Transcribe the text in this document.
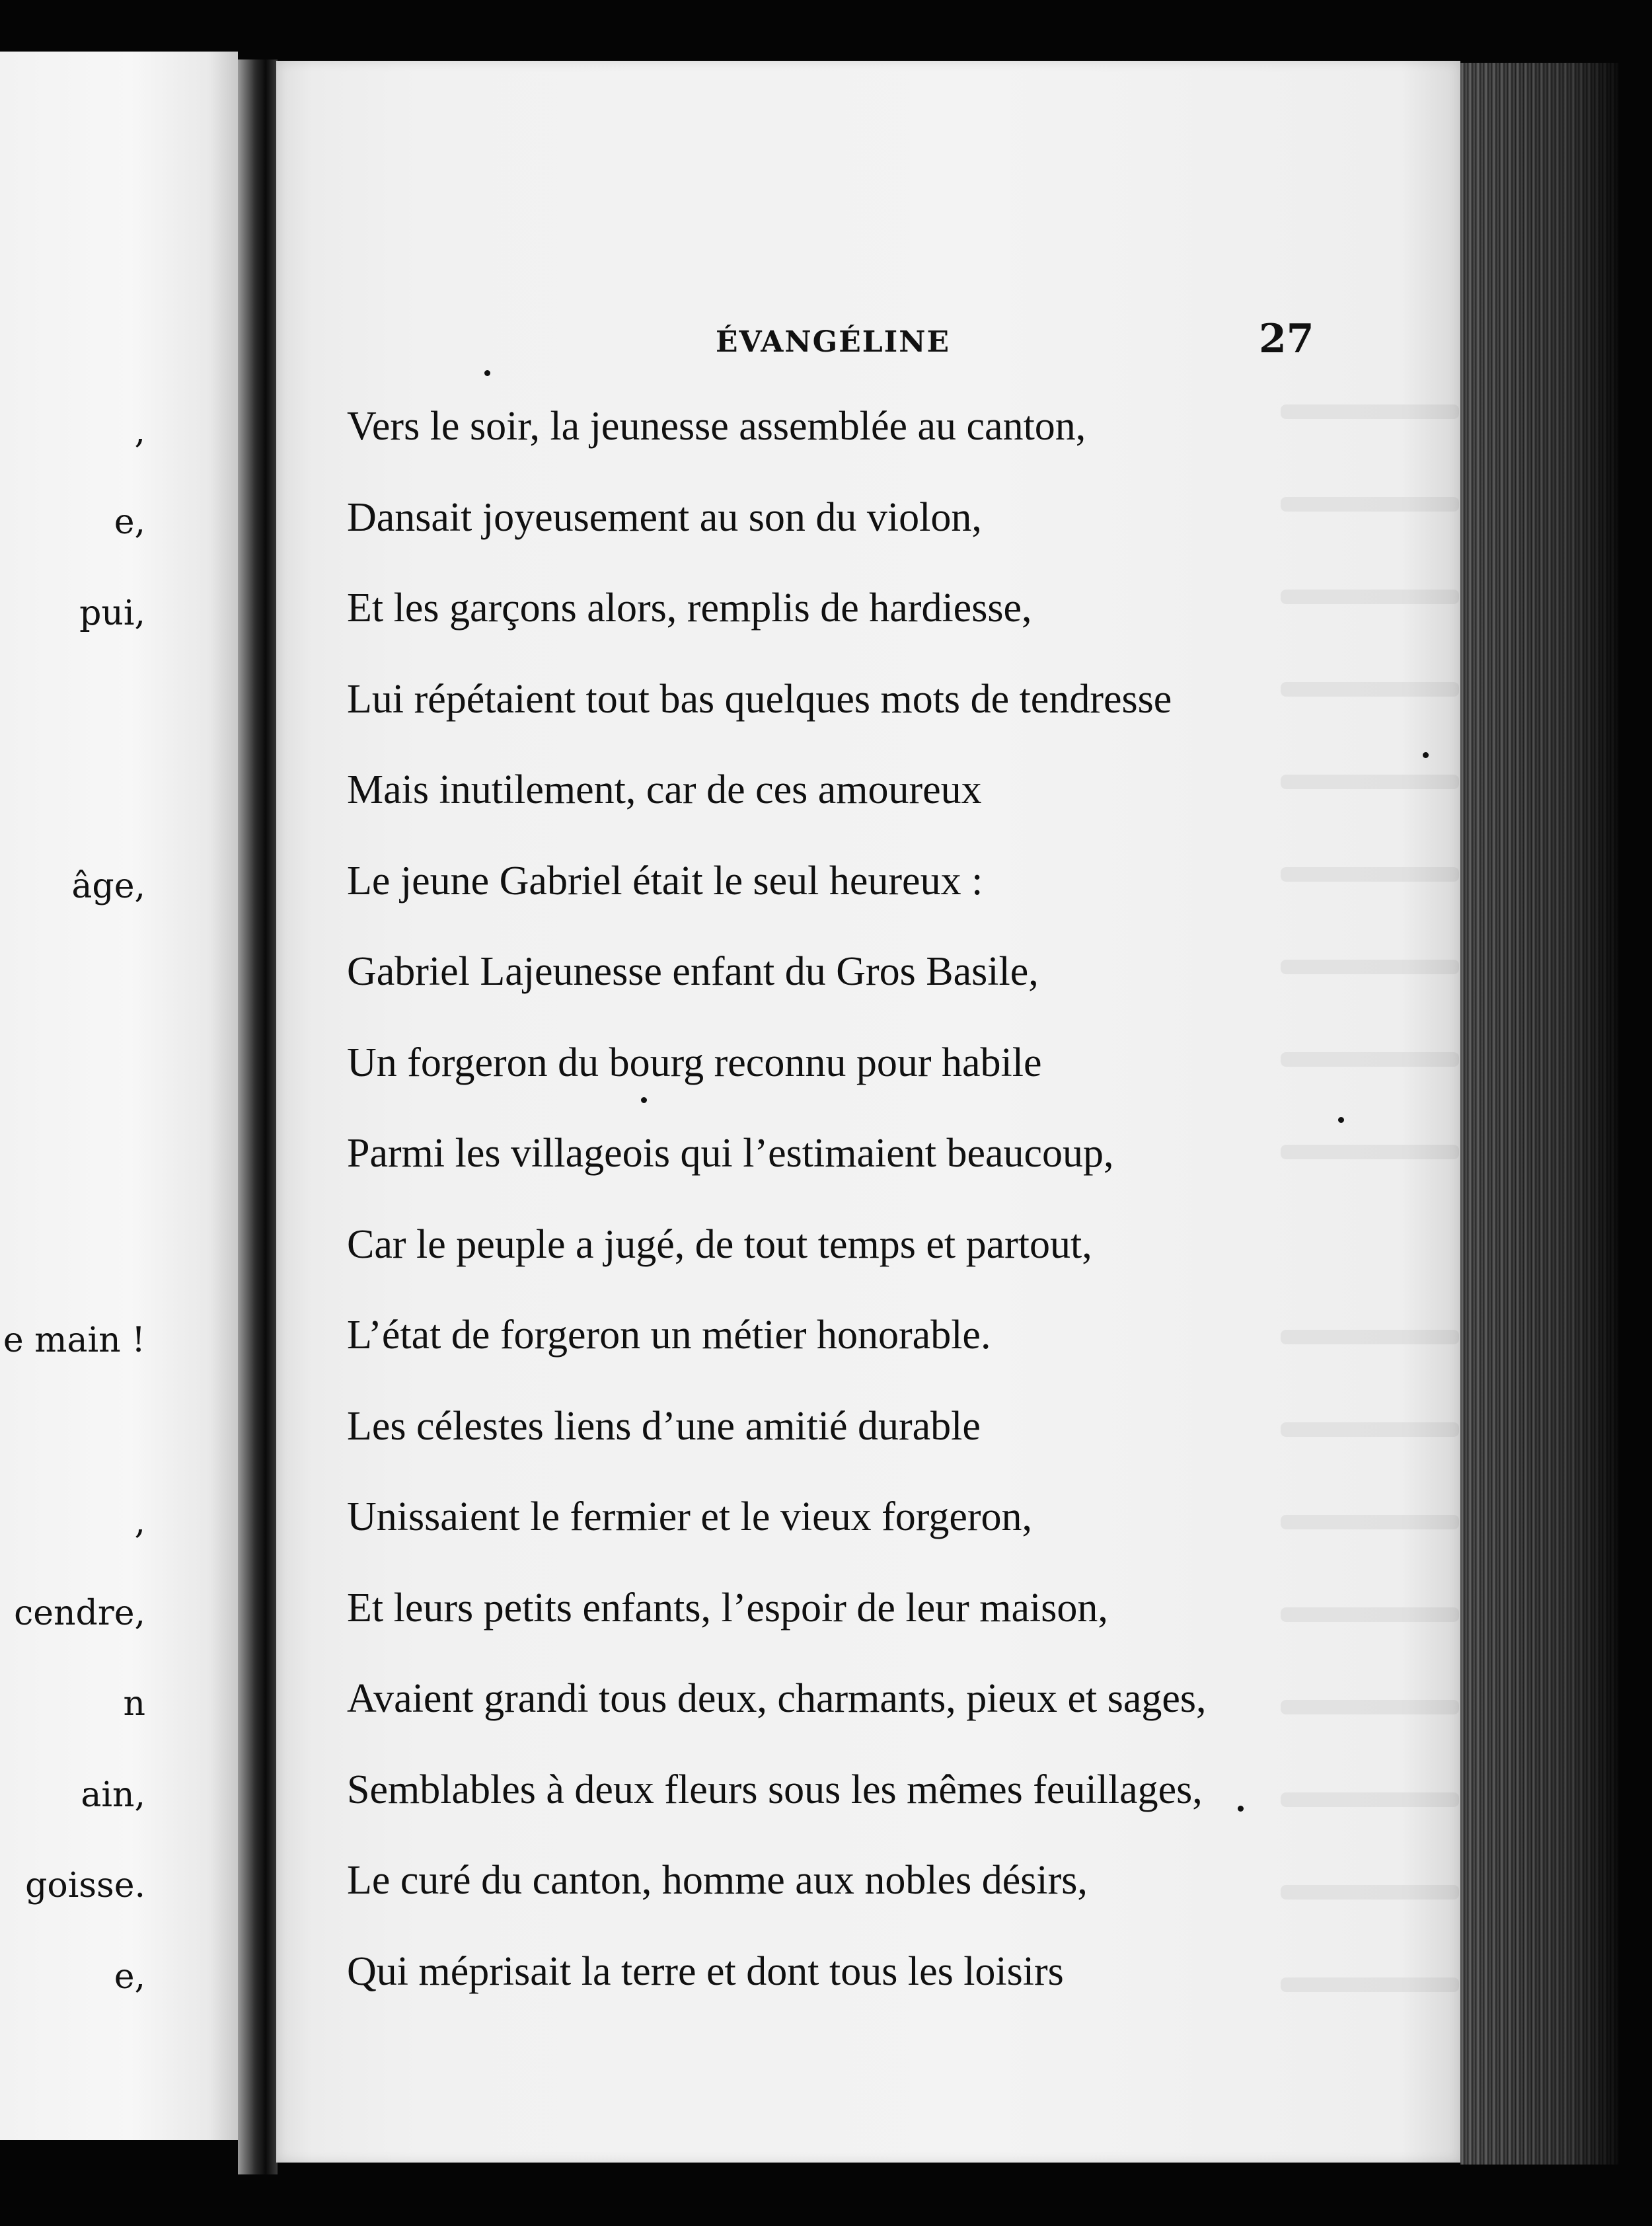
,
e,
pui,
âge,
e main !
,
cendre,
n
ain,
goisse.
e,
ÉVANGÉLINE	27
Vers le soir, la jeunesse assemblée au canton,
Dansait joyeusement au son du violon,
Et les garçons alors, remplis de hardiesse,
Lui répétaient tout bas quelques mots de tendresse
Mais inutilement, car de ces amoureux
Le jeune Gabriel était le seul heureux :
Gabriel Lajeunesse enfant du Gros Basile,
Un forgeron du bourg reconnu pour habile
Parmi les villageois qui l’estimaient beaucoup,
Car le peuple a jugé, de tout temps et partout,
L’état de forgeron un métier honorable.
Les célestes liens d’une amitié durable
Unissaient le fermier et le vieux forgeron,
Et leurs petits enfants, l’espoir de leur maison,
Avaient grandi tous deux, charmants, pieux et sages,
Semblables à deux fleurs sous les mêmes feuillages,
Le curé du canton, homme aux nobles désirs,
Qui méprisait la terre et dont tous les loisirs
